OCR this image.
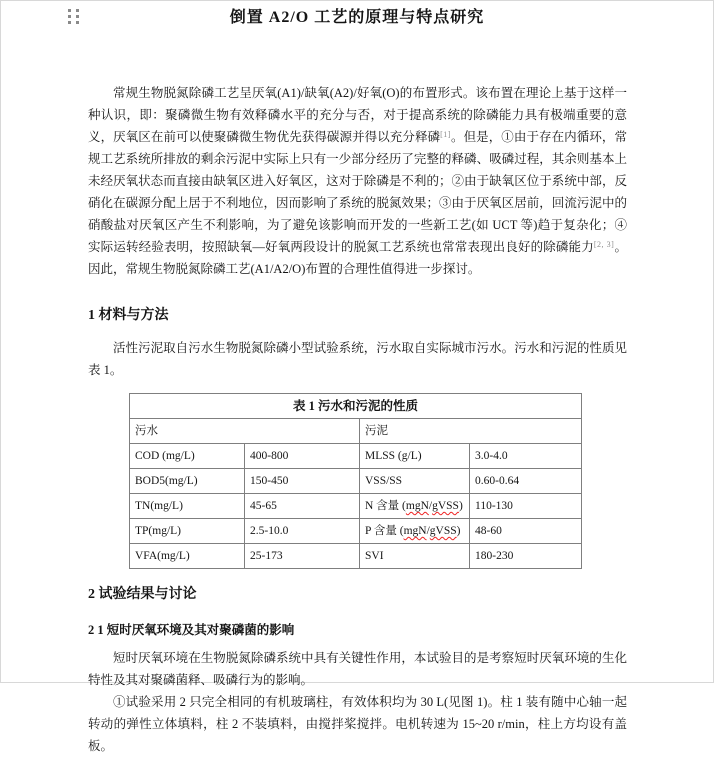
倒置 A2/O 工艺的原理与特点研究

常规生物脱氮除磷工艺呈厌氧(A1)/缺氧(A2)/好氧(O)的布置形式。该布置在理论上基于这样一种认识，即：聚磷微生物有效释磷水平的充分与否，对于提高系统的除磷能力具有极端重要的意义，厌氧区在前可以使聚磷微生物优先获得碳源并得以充分释磷[1]。但是，①由于存在内循环，常规工艺系统所排放的剩余污泥中实际上只有一少部分经历了完整的释磷、吸磷过程，其余则基本上未经厌氧状态而直接由缺氧区进入好氧区，这对于除磷是不利的；②由于缺氧区位于系统中部，反硝化在碳源分配上居于不利地位，因而影响了系统的脱氮效果；③由于厌氧区居前，回流污泥中的硝酸盐对厌氧区产生不利影响，为了避免该影响而开发的一些新工艺(如 UCT 等)趋于复杂化；④实际运转经验表明，按照缺氧—好氧两段设计的脱氮工艺系统也常常表现出良好的除磷能力[2, 3]。因此，常规生物脱氮除磷工艺(A1/A2/O)布置的合理性值得进一步探讨。

1 材料与方法

活性污泥取自污水生物脱氮除磷小型试验系统，污水取自实际城市污水。污水和污泥的性质见表 1。

表 1 污水和污泥的性质			
污水		污泥	
COD (mg/L)	400-800	MLSS (g/L)	3.0-4.0
BOD5(mg/L)	150-450	VSS/SS	0.60-0.64
TN(mg/L)	45-65	N 含量 (mgN/gVSS)	110-130
TP(mg/L)	2.5-10.0	P 含量 (mgN/gVSS)	48-60
VFA(mg/L)	25-173	SVI	180-230
2 试验结果与讨论
2 1 短时厌氧环境及其对聚磷菌的影响

短时厌氧环境在生物脱氮除磷系统中具有关键性作用，本试验目的是考察短时厌氧环境的生化特性及其对聚磷菌释、吸磷行为的影响。

①试验采用 2 只完全相同的有机玻璃柱，有效体积均为 30 L(见图 1)。柱 1 装有随中心轴一起转动的弹性立体填料，柱 2 不装填料，由搅拌桨搅拌。电机转速为 15~20 r/min，柱上方均设有盖板。
